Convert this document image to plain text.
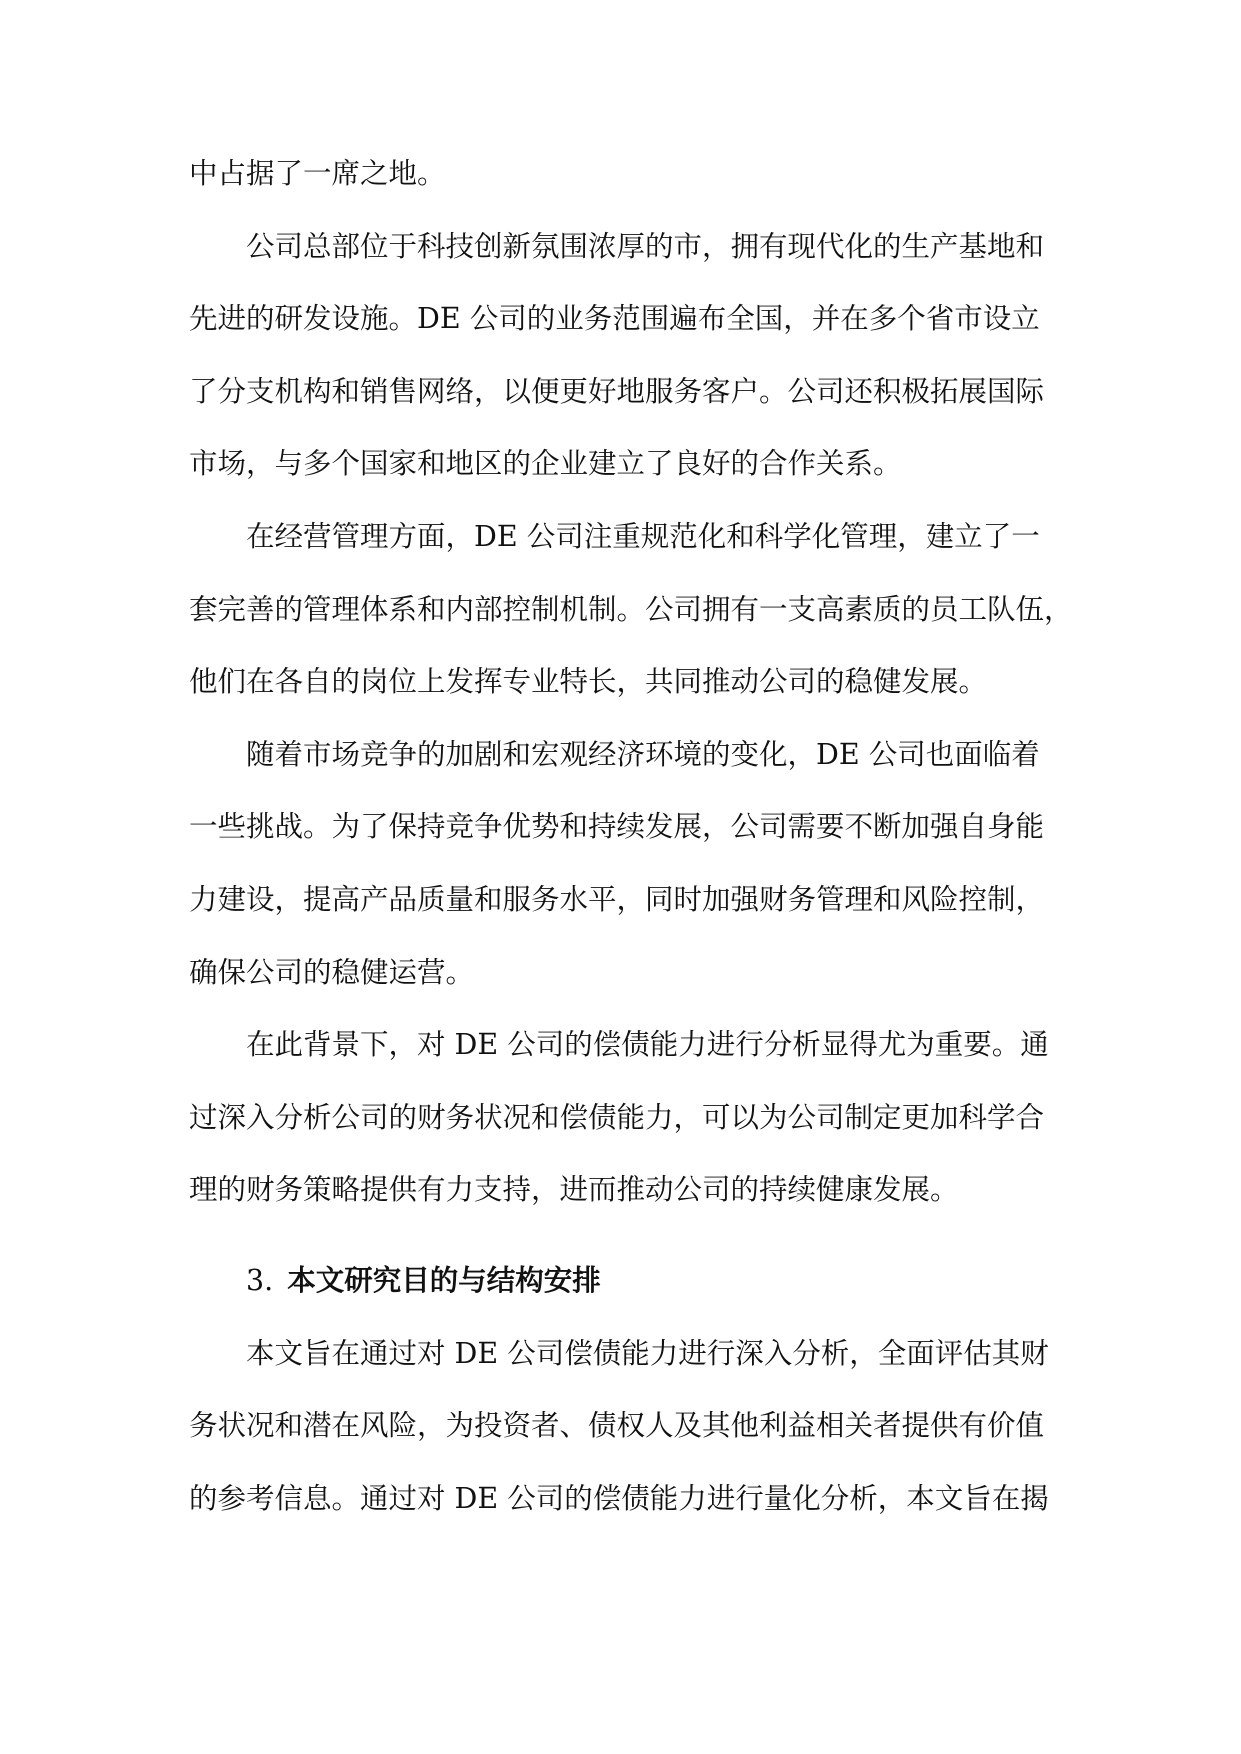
中占据了一席之地。
公司总部位于科技创新氛围浓厚的市，拥有现代化的生产基地和
先进的研发设施。DE 公司的业务范围遍布全国，并在多个省市设立
了分支机构和销售网络，以便更好地服务客户。公司还积极拓展国际
市场，与多个国家和地区的企业建立了良好的合作关系。
在经营管理方面，DE 公司注重规范化和科学化管理，建立了一
套完善的管理体系和内部控制机制。公司拥有一支高素质的员工队伍，
他们在各自的岗位上发挥专业特长，共同推动公司的稳健发展。
随着市场竞争的加剧和宏观经济环境的变化，DE 公司也面临着
一些挑战。为了保持竞争优势和持续发展，公司需要不断加强自身能
力建设，提高产品质量和服务水平，同时加强财务管理和风险控制，
确保公司的稳健运营。
在此背景下，对 DE 公司的偿债能力进行分析显得尤为重要。通
过深入分析公司的财务状况和偿债能力，可以为公司制定更加科学合
理的财务策略提供有力支持，进而推动公司的持续健康发展。
3. 本文研究目的与结构安排
本文旨在通过对 DE 公司偿债能力进行深入分析，全面评估其财
务状况和潜在风险，为投资者、债权人及其他利益相关者提供有价值
的参考信息。通过对 DE 公司的偿债能力进行量化分析，本文旨在揭
